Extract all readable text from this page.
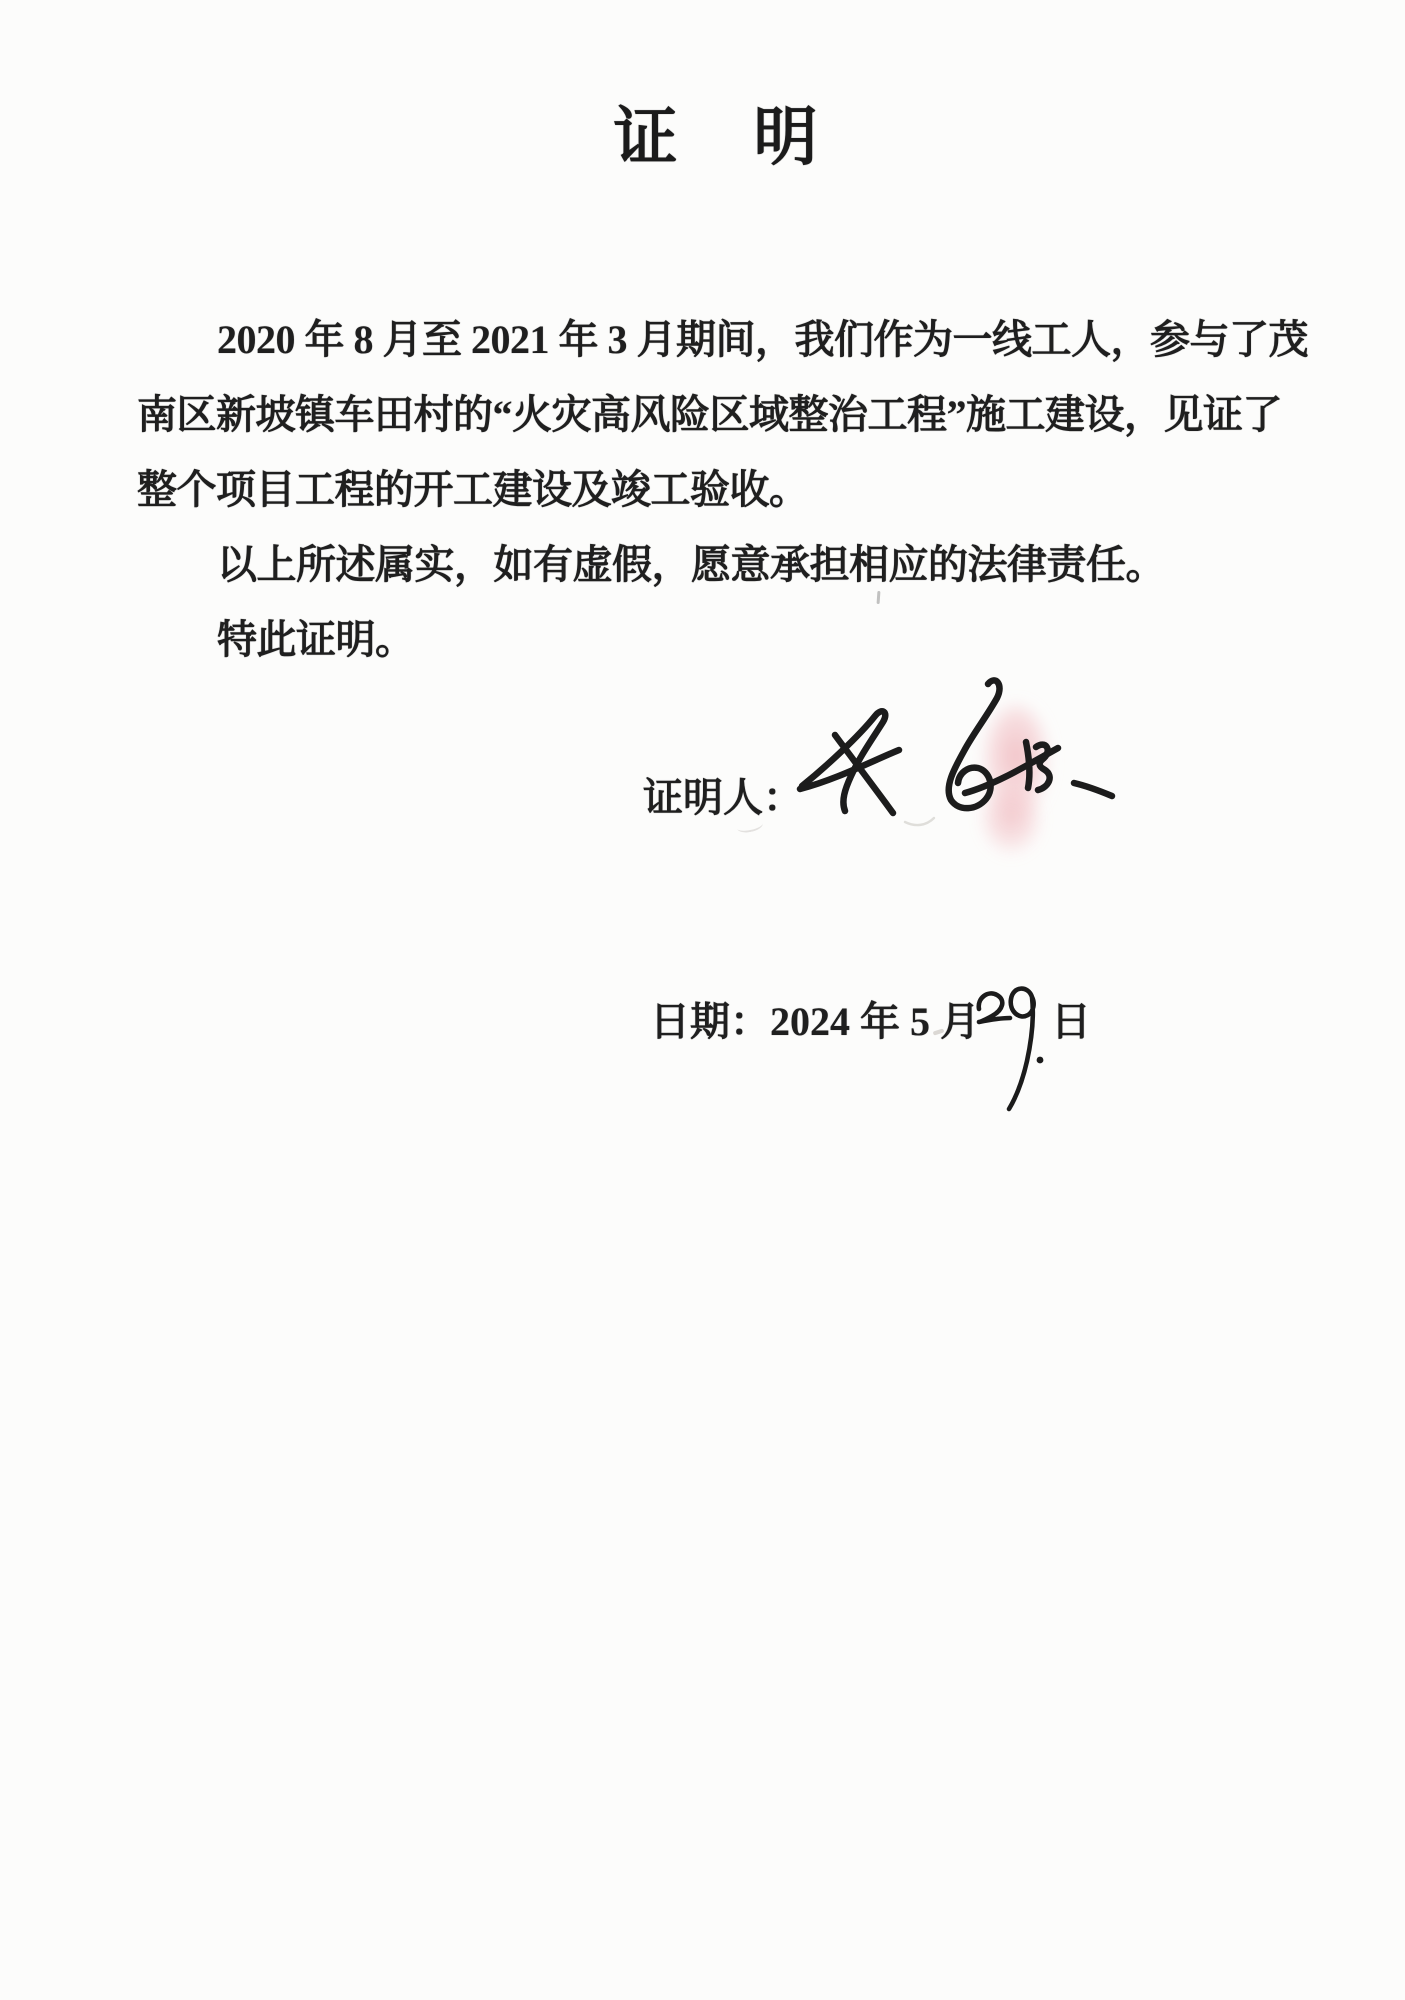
证　明
2020 年 8 月至 2021 年 3 月期间，我们作为一线工人，参与了茂
南区新坡镇车田村的“火灾高风险区域整治工程”施工建设，见证了
整个项目工程的开工建设及竣工验收。
以上所述属实，如有虚假，愿意承担相应的法律责任。
特此证明。
证明人：
日期：2024 年 5 月 日
